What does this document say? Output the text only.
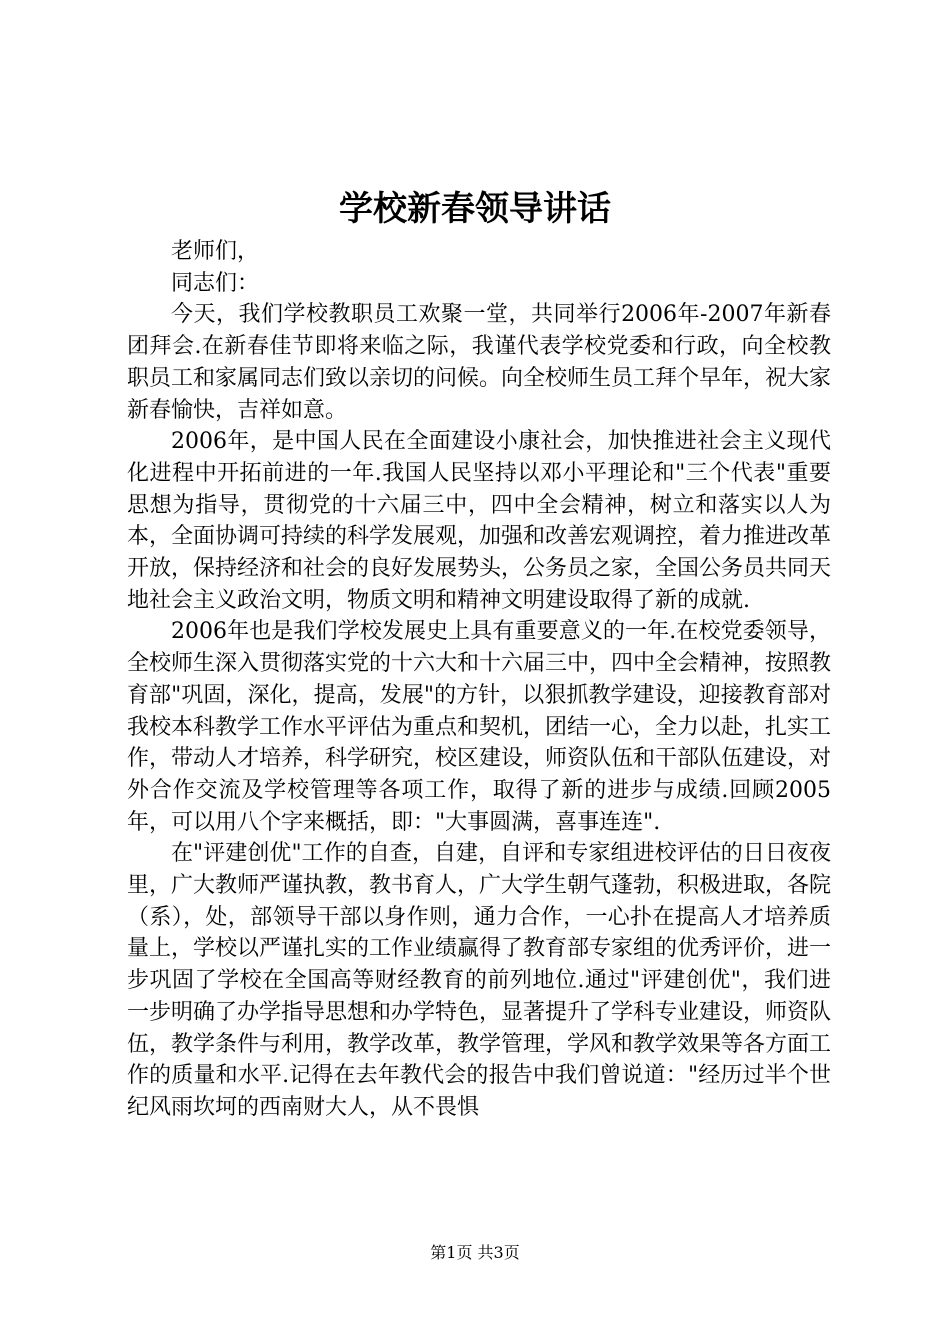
学校新春领导讲话

老师们，

同志们：

今天，我们学校教职员工欢聚一堂，共同举行2006年-2007年新春团拜会.在新春佳节即将来临之际，我谨代表学校党委和行政，向全校教职员工和家属同志们致以亲切的问候。向全校师生员工拜个早年，祝大家新春愉快，吉祥如意。

2006年，是中国人民在全面建设小康社会，加快推进社会主义现代化进程中开拓前进的一年.我国人民坚持以邓小平理论和"三个代表"重要思想为指导，贯彻党的十六届三中，四中全会精神，树立和落实以人为本，全面协调可持续的科学发展观，加强和改善宏观调控，着力推进改革开放，保持经济和社会的良好发展势头，公务员之家，全国公务员共同天地社会主义政治文明，物质文明和精神文明建设取得了新的成就.

2006年也是我们学校发展史上具有重要意义的一年.在校党委领导，全校师生深入贯彻落实党的十六大和十六届三中，四中全会精神，按照教育部"巩固，深化，提高，发展"的方针，以狠抓教学建设，迎接教育部对我校本科教学工作水平评估为重点和契机，团结一心，全力以赴，扎实工作，带动人才培养，科学研究，校区建设，师资队伍和干部队伍建设，对外合作交流及学校管理等各项工作，取得了新的进步与成绩.回顾2005年，可以用八个字来概括，即："大事圆满，喜事连连".

在"评建创优"工作的自查，自建，自评和专家组进校评估的日日夜夜里，广大教师严谨执教，教书育人，广大学生朝气蓬勃，积极进取，各院（系），处，部领导干部以身作则，通力合作，一心扑在提高人才培养质量上，学校以严谨扎实的工作业绩赢得了教育部专家组的优秀评价，进一步巩固了学校在全国高等财经教育的前列地位.通过"评建创优"，我们进一步明确了办学指导思想和办学特色，显著提升了学科专业建设，师资队伍，教学条件与利用，教学改革，教学管理，学风和教学效果等各方面工作的质量和水平.记得在去年教代会的报告中我们曾说道："经历过半个世纪风雨坎坷的西南财大人，从不畏惧

第1页 共3页
